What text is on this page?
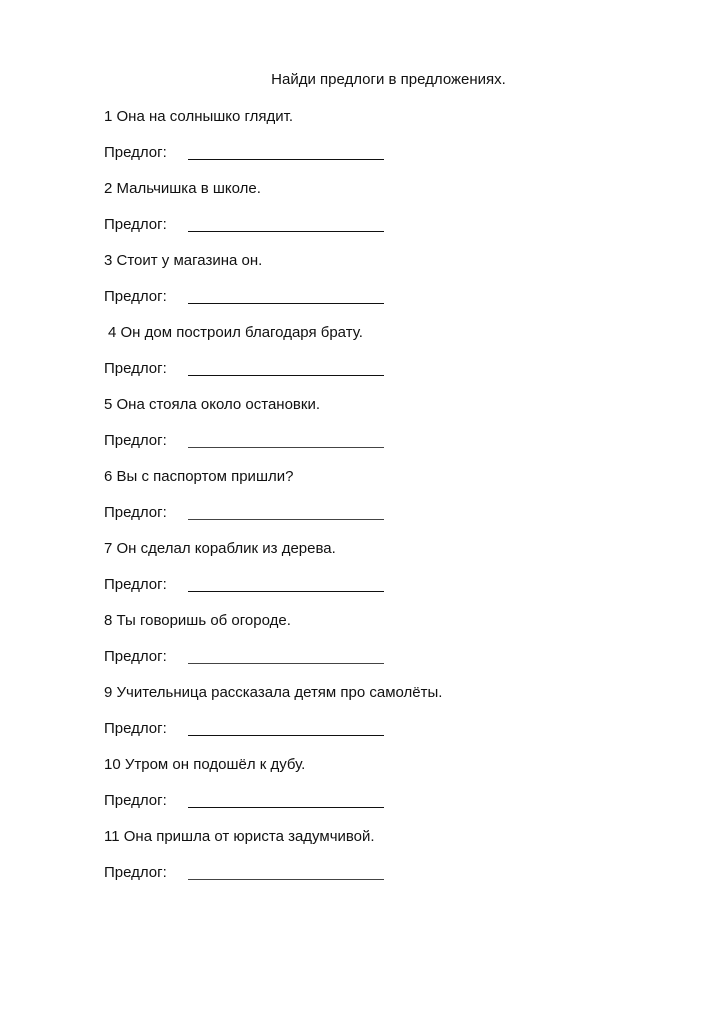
Найди предлоги в предложениях.
1 Она на солнышко глядит.
Предлог:
2 Мальчишка в школе.
Предлог:
3 Стоит у магазина он.
Предлог:
4 Он дом построил благодаря брату.
Предлог:
5 Она стояла около остановки.
Предлог:
6 Вы с паспортом пришли?
Предлог:
7 Он сделал кораблик из дерева.
Предлог:
8 Ты говоришь об огороде.
Предлог:
9 Учительница рассказала детям про самолёты.
Предлог:
10 Утром он подошёл к дубу.
Предлог:
11 Она пришла от юриста задумчивой.
Предлог:
